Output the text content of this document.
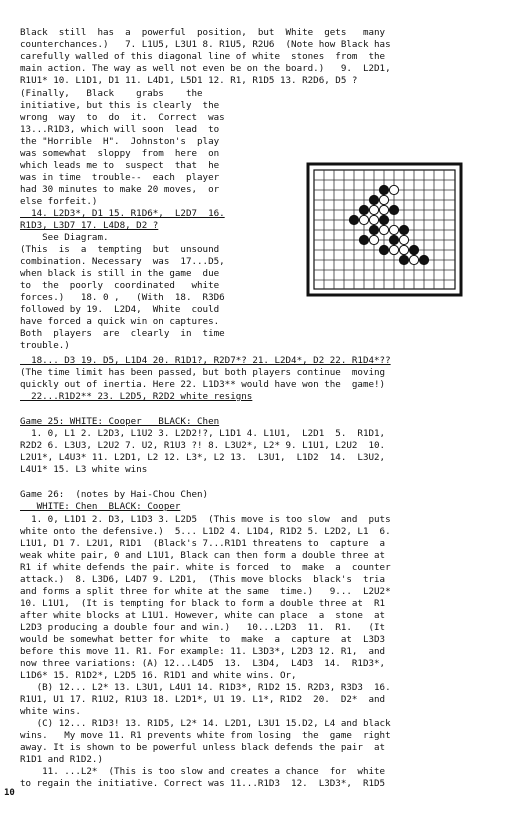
Black  still  has  a  powerful  position,  but  White  gets   many
counterchances.)   7. L1U5, L3U1 8. R1U5, R2U6  (Note how Black has
carefully walled of this diagonal line of white  stones  from  the
main action. The way as well not even be on the board.)   9.  L2D1,
R1U1* 10. L1D1, D1 11. L4D1, L5D1 12. R1, R1D5 13. R2D6, D5 ?
(Finally,   Black    grabs    the
initiative, but this is clearly  the
wrong  way  to  do  it.  Correct  was
13...R1D3, which will soon  lead  to
the "Horrible  H".  Johnston's  play
was somewhat  sloppy  from  here  on
which leads me to  suspect  that  he
was in time  trouble--  each  player
had 30 minutes to make 20 moves,  or
else forfeit.)
14. L2D3*, D1 15. R1D6*,  L2D7  16.
R1D3, L3D7 17. L4D8, D2 ?
See Diagram.
(This  is  a  tempting  but  unsound
combination. Necessary  was  17...D5,
when black is still in the game  due
to  the  poorly  coordinated   white
forces.)   18. 0 ,   (With  18.  R3D6
followed by 19.  L2D4,  White  could
have forced a quick win on captures.
Both  players  are  clearly  in  time
trouble.)
18... D3 19. D5, L1D4 20. R1D1?, R2D7*? 21. L2D4*, D2 22. R1D4*??
(The time limit has been passed, but both players continue  moving
quickly out of inertia. Here 22. L1D3** would have won the  game!)
22...R1D2** 23. L2D5, R2D2 white resigns
Game 25: WHITE: Cooper   BLACK: Chen
1. 0, L1 2. L2D3, L1U2 3. L2D2!?, L1D1 4. L1U1,  L2D1  5.  R1D1,
R2D2 6. L3U3, L2U2 7. U2, R1U3 ?! 8. L3U2*, L2* 9. L1U1, L2U2  10.
L2U1*, L4U3* 11. L2D1, L2 12. L3*, L2 13.  L3U1,  L1D2  14.  L3U2,
L4U1* 15. L3 white wins
Game 26:  (notes by Hai-Chou Chen)
WHITE: Chen  BLACK: Cooper
1. 0, L1D1 2. D3, L1D3 3. L2D5  (This move is too slow  and  puts
white onto the defensive.)  5... L1D2 4. L1D4, R1D2 5. L2D2, L1  6.
L1U1, D1 7. L2U1, R1D1  (Black's 7...R1D1 threatens to  capture  a
weak white pair, 0 and L1U1, Black can then form a double three at
R1 if white defends the pair. white is forced  to  make  a  counter
attack.)  8. L3D6, L4D7 9. L2D1,  (This move blocks  black's  tria
and forms a split three for white at the same  time.)   9...  L2U2*
10. L1U1,  (It is tempting for black to form a double three at  R1
after white blocks at L1U1. However, white can place  a  stone  at
L2D3 producing a double four and win.)   10...L2D3  11.  R1.   (It
would be somewhat better for white  to  make  a  capture  at  L3D3
before this move 11. R1. For example: 11. L3D3*, L2D3 12. R1,  and
now three variations: (A) 12...L4D5  13.  L3D4,  L4D3  14.  R1D3*,
L1D6* 15. R1D2*, L2D5 16. R1D1 and white wins. Or,
(B) 12... L2* 13. L3U1, L4U1 14. R1D3*, R1D2 15. R2D3, R3D3  16.
R1U1, U1 17. R1U2, R1U3 18. L2D1*, U1 19. L1*, R1D2  20.  D2*  and
white wins.
(C) 12... R1D3! 13. R1D5, L2* 14. L2D1, L3U1 15.D2, L4 and black
wins.   My move 11. R1 prevents white from losing  the  game  right
away. It is shown to be powerful unless black defends the pair  at
R1D1 and R1D2.)
11. ...L2*  (This is too slow and creates a chance  for  white
to regain the initiative. Correct was 11...R1D3  12.  L3D3*,  R1D5
10
